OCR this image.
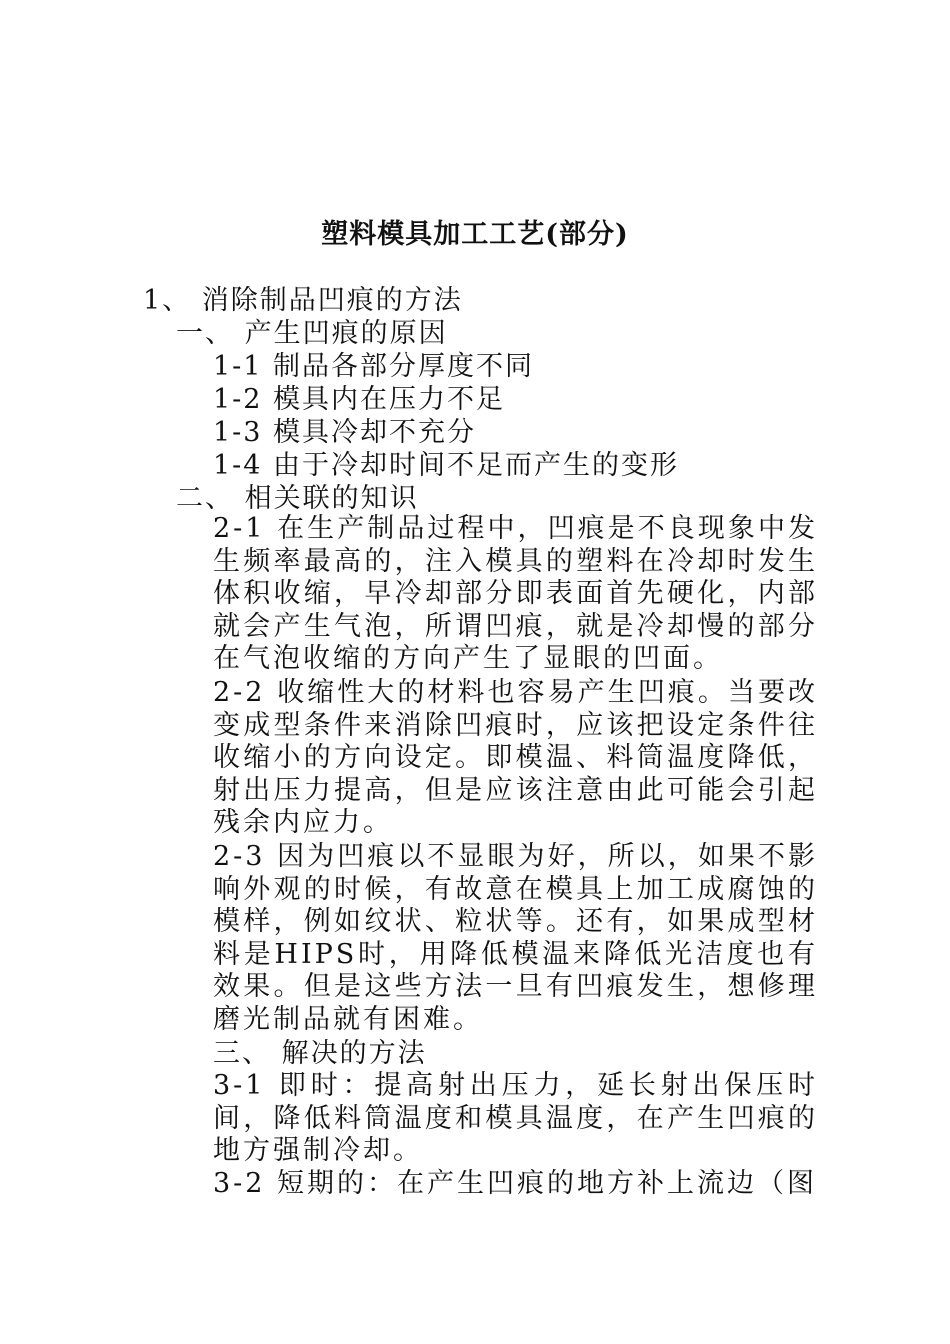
塑料模具加工工艺(部分)
1、 消除制品凹痕的方法
一、 产生凹痕的原因
1-1 制品各部分厚度不同
1-2 模具内在压力不足
1-3 模具冷却不充分
1-4 由于冷却时间不足而产生的变形
二、 相关联的知识
2-1 在生产制品过程中，凹痕是不良现象中发生频率最高的，注入模具的塑料在冷却时发生体积收缩，早冷却部分即表面首先硬化，内部就会产生气泡，所谓凹痕，就是冷却慢的部分在气泡收缩的方向产生了显眼的凹面。
2-2 收缩性大的材料也容易产生凹痕。当要改变成型条件来消除凹痕时，应该把设定条件往收缩小的方向设定。即模温、料筒温度降低，射出压力提高，但是应该注意由此可能会引起残余内应力。
2-3 因为凹痕以不显眼为好，所以，如果不影响外观的时候，有故意在模具上加工成腐蚀的模样，例如纹状、粒状等。还有，如果成型材料是HIPS时，用降低模温来降低光洁度也有效果。但是这些方法一旦有凹痕发生，想修理磨光制品就有困难。
三、 解决的方法
3-1 即时：提高射出压力，延长射出保压时间，降低料筒温度和模具温度，在产生凹痕的地方强制冷却。
3-2 短期的：在产生凹痕的地方补上流边（图
